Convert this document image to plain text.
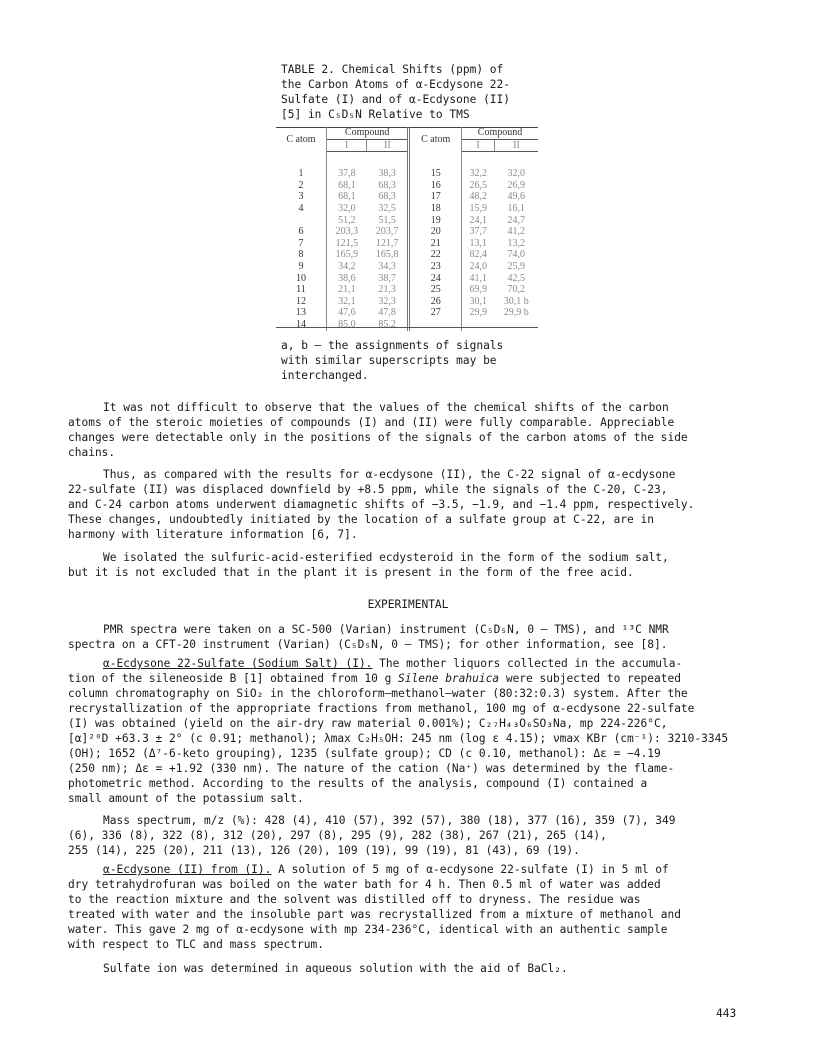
TABLE 2. Chemical Shifts (ppm) of
the Carbon Atoms of α-Ecdysone 22-
Sulfate (I) and of α-Ecdysone (II)
[5] in C₅D₅N Relative to TMS
C atom	Compound		C atom	Compound	
	I	II		I	II
1	37,8	38,3	15	32,2	32,0
2	68,1	68,3	16	26,5	26,9
3	68,1	68,3	17	48,2	49,6
4	32,0	32,5	18	15,9	16,1
	51,2	51,5	19	24,1	24,7
6	203,3	203,7	20	37,7	41,2
7	121,5	121,7	21	13,1	13,2
8	165,9	165,8	22	82,4	74,0
9	34,2	34,3	23	24,0	25,9
10	38,6	38,7	24	41,1	42,5
11	21,1	21,3	25	69,9	70,2
12	32,1	32,3	26	30,1	30,1 b
13	47,6	47,8	27	29,9	29,9 b
14	85,0	85,2			
a, b — the assignments of signals
with similar superscripts may be
interchanged.
It was not difficult to observe that the values of the chemical shifts of the carbon
atoms of the steroic moieties of compounds (I) and (II) were fully comparable. Appreciable
changes were detectable only in the positions of the signals of the carbon atoms of the side
chains.
Thus, as compared with the results for α-ecdysone (II), the C-22 signal of α-ecdysone
22-sulfate (II) was displaced downfield by +8.5 ppm, while the signals of the C-20, C-23,
and C-24 carbon atoms underwent diamagnetic shifts of −3.5, −1.9, and −1.4 ppm, respectively.
These changes, undoubtedly initiated by the location of a sulfate group at C-22, are in
harmony with literature information [6, 7].
We isolated the sulfuric-acid-esterified ecdysteroid in the form of the sodium salt,
but it is not excluded that in the plant it is present in the form of the free acid.
EXPERIMENTAL
PMR spectra were taken on a SC-500 (Varian) instrument (C₅D₅N, 0 — TMS), and ¹³C NMR
spectra on a CFT-20 instrument (Varian) (C₅D₅N, 0 — TMS); for other information, see [8].
α-Ecdysone 22-Sulfate (Sodium Salt) (I). The mother liquors collected in the accumula-
tion of the sileneoside B [1] obtained from 10 g Silene brahuica were subjected to repeated
column chromatography on SiO₂ in the chloroform—methanol—water (80:32:0.3) system. After the
recrystallization of the appropriate fractions from methanol, 100 mg of α-ecdysone 22-sulfate
(I) was obtained (yield on the air-dry raw material 0.001%); C₂₇H₄₃O₆SO₃Na, mp 224-226°C,
[α]²⁰D +63.3 ± 2° (c 0.91; methanol); λmax C₂H₅OH: 245 nm (log ε 4.15); νmax KBr (cm⁻¹): 3210-3345
(OH); 1652 (Δ⁷-6-keto grouping), 1235 (sulfate group); CD (c 0.10, methanol): Δε = −4.19
(250 nm); Δε = +1.92 (330 nm). The nature of the cation (Na⁺) was determined by the flame-
photometric method. According to the results of the analysis, compound (I) contained a
small amount of the potassium salt.
Mass spectrum, m/z (%): 428 (4), 410 (57), 392 (57), 380 (18), 377 (16), 359 (7), 349
(6), 336 (8), 322 (8), 312 (20), 297 (8), 295 (9), 282 (38), 267 (21), 265 (14),
255 (14), 225 (20), 211 (13), 126 (20), 109 (19), 99 (19), 81 (43), 69 (19).
α-Ecdysone (II) from (I). A solution of 5 mg of α-ecdysone 22-sulfate (I) in 5 ml of
dry tetrahydrofuran was boiled on the water bath for 4 h. Then 0.5 ml of water was added
to the reaction mixture and the solvent was distilled off to dryness. The residue was
treated with water and the insoluble part was recrystallized from a mixture of methanol and
water. This gave 2 mg of α-ecdysone with mp 234-236°C, identical with an authentic sample
with respect to TLC and mass spectrum.
Sulfate ion was determined in aqueous solution with the aid of BaCl₂.
443
